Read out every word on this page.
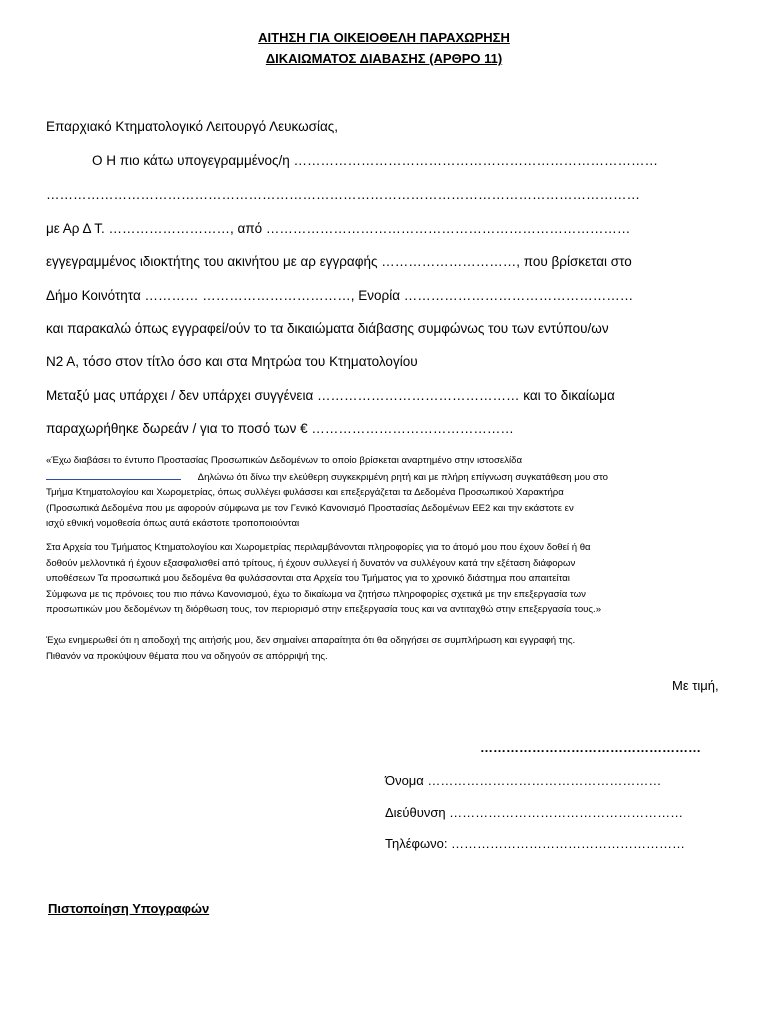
ΑΙΤΗΣΗ ΓΙΑ ΟΙΚΕΙΟΘΕΛΗ ΠΑΡΑΧΩΡΗΣΗ
ΔΙΚΑΙΩΜΑΤΟΣ ΔΙΑΒΑΣΗΣ (ΑΡΘΡΟ 11)
Επαρχιακό Κτηματολογικό Λειτουργό Λευκωσίας,
Ο Η πιο κάτω υπογεγραμμένος/η ………………………………………………………………………
……………………………………………………………………………………………………………………
με Αρ Δ Τ. ………………………, από ………………………………………………………………………
εγγεγραμμένος ιδιοκτήτης του ακινήτου με αρ εγγραφής …………………………, που βρίσκεται στο
Δήμο Κοινότητα ………… ……………………………, Ενορία ……………………………………………
και παρακαλώ όπως εγγραφεί/ούν το τα δικαιώματα διάβασης συμφώνως του των εντύπου/ων
Ν2 Α, τόσο στον τίτλο όσο και στα Μητρώα του Κτηματολογίου
Μεταξύ μας υπάρχει / δεν υπάρχει συγγένεια ……………………………………… και το δικαίωμα
παραχωρήθηκε δωρεάν / για το ποσό των € ………………………………………
«Έχω διαβάσει το έντυπο Προστασίας Προσωπικών Δεδομένων το οποίο βρίσκεται αναρτημένο στην ιστοσελίδα
Δηλώνω ότι δίνω την ελεύθερη συγκεκριμένη ρητή και με πλήρη επίγνωση συγκατάθεση μου στο
Τμήμα Κτηματολογίου και Χωρομετρίας, όπως συλλέγει φυλάσσει και επεξεργάζεται τα Δεδομένα Προσωπικού Χαρακτήρα
(Προσωπικά Δεδομένα που με αφορούν σύμφωνα με τον Γενικό Κανονισμό Προστασίας Δεδομένων ΕΕ2 και την εκάστοτε εν
ισχύ εθνική νομοθεσία όπως αυτά εκάστοτε τροποποιούνται
Στα Αρχεία του Τμήματος Κτηματολογίου και Χωρομετρίας περιλαμβάνονται πληροφορίες για το άτομό μου που έχουν δοθεί ή θα
δοθούν μελλοντικά ή έχουν εξασφαλισθεί από τρίτους, ή έχουν συλλεγεί ή δυνατόν να συλλέγουν κατά την εξέταση διάφορων
υποθέσεων Τα προσωπικά μου δεδομένα θα φυλάσσονται στα Αρχεία του Τμήματος για το χρονικό διάστημα που απαιτείται
Σύμφωνα με τις πρόνοιες του πιο πάνω Κανονισμού, έχω το δικαίωμα να ζητήσω πληροφορίες σχετικά με την επεξεργασία των
προσωπικών μου δεδομένων τη διόρθωση τους, τον περιορισμό στην επεξεργασία τους και να αντιταχθώ στην επεξεργασία τους.»
Έχω ενημερωθεί ότι η αποδοχή της αιτήσής μου, δεν σημαίνει απαραίτητα ότι θα οδηγήσει σε συμπλήρωση και εγγραφή της.
Πιθανόν να προκύψουν θέματα που να οδηγούν σε απόρριψή της.
Με τιμή,
……………………………………………
Όνομα ………………………………………………
Διεύθυνση ………………………………………………
Τηλέφωνο: ………………………………………………
Πιστοποίηση Υπογραφών
